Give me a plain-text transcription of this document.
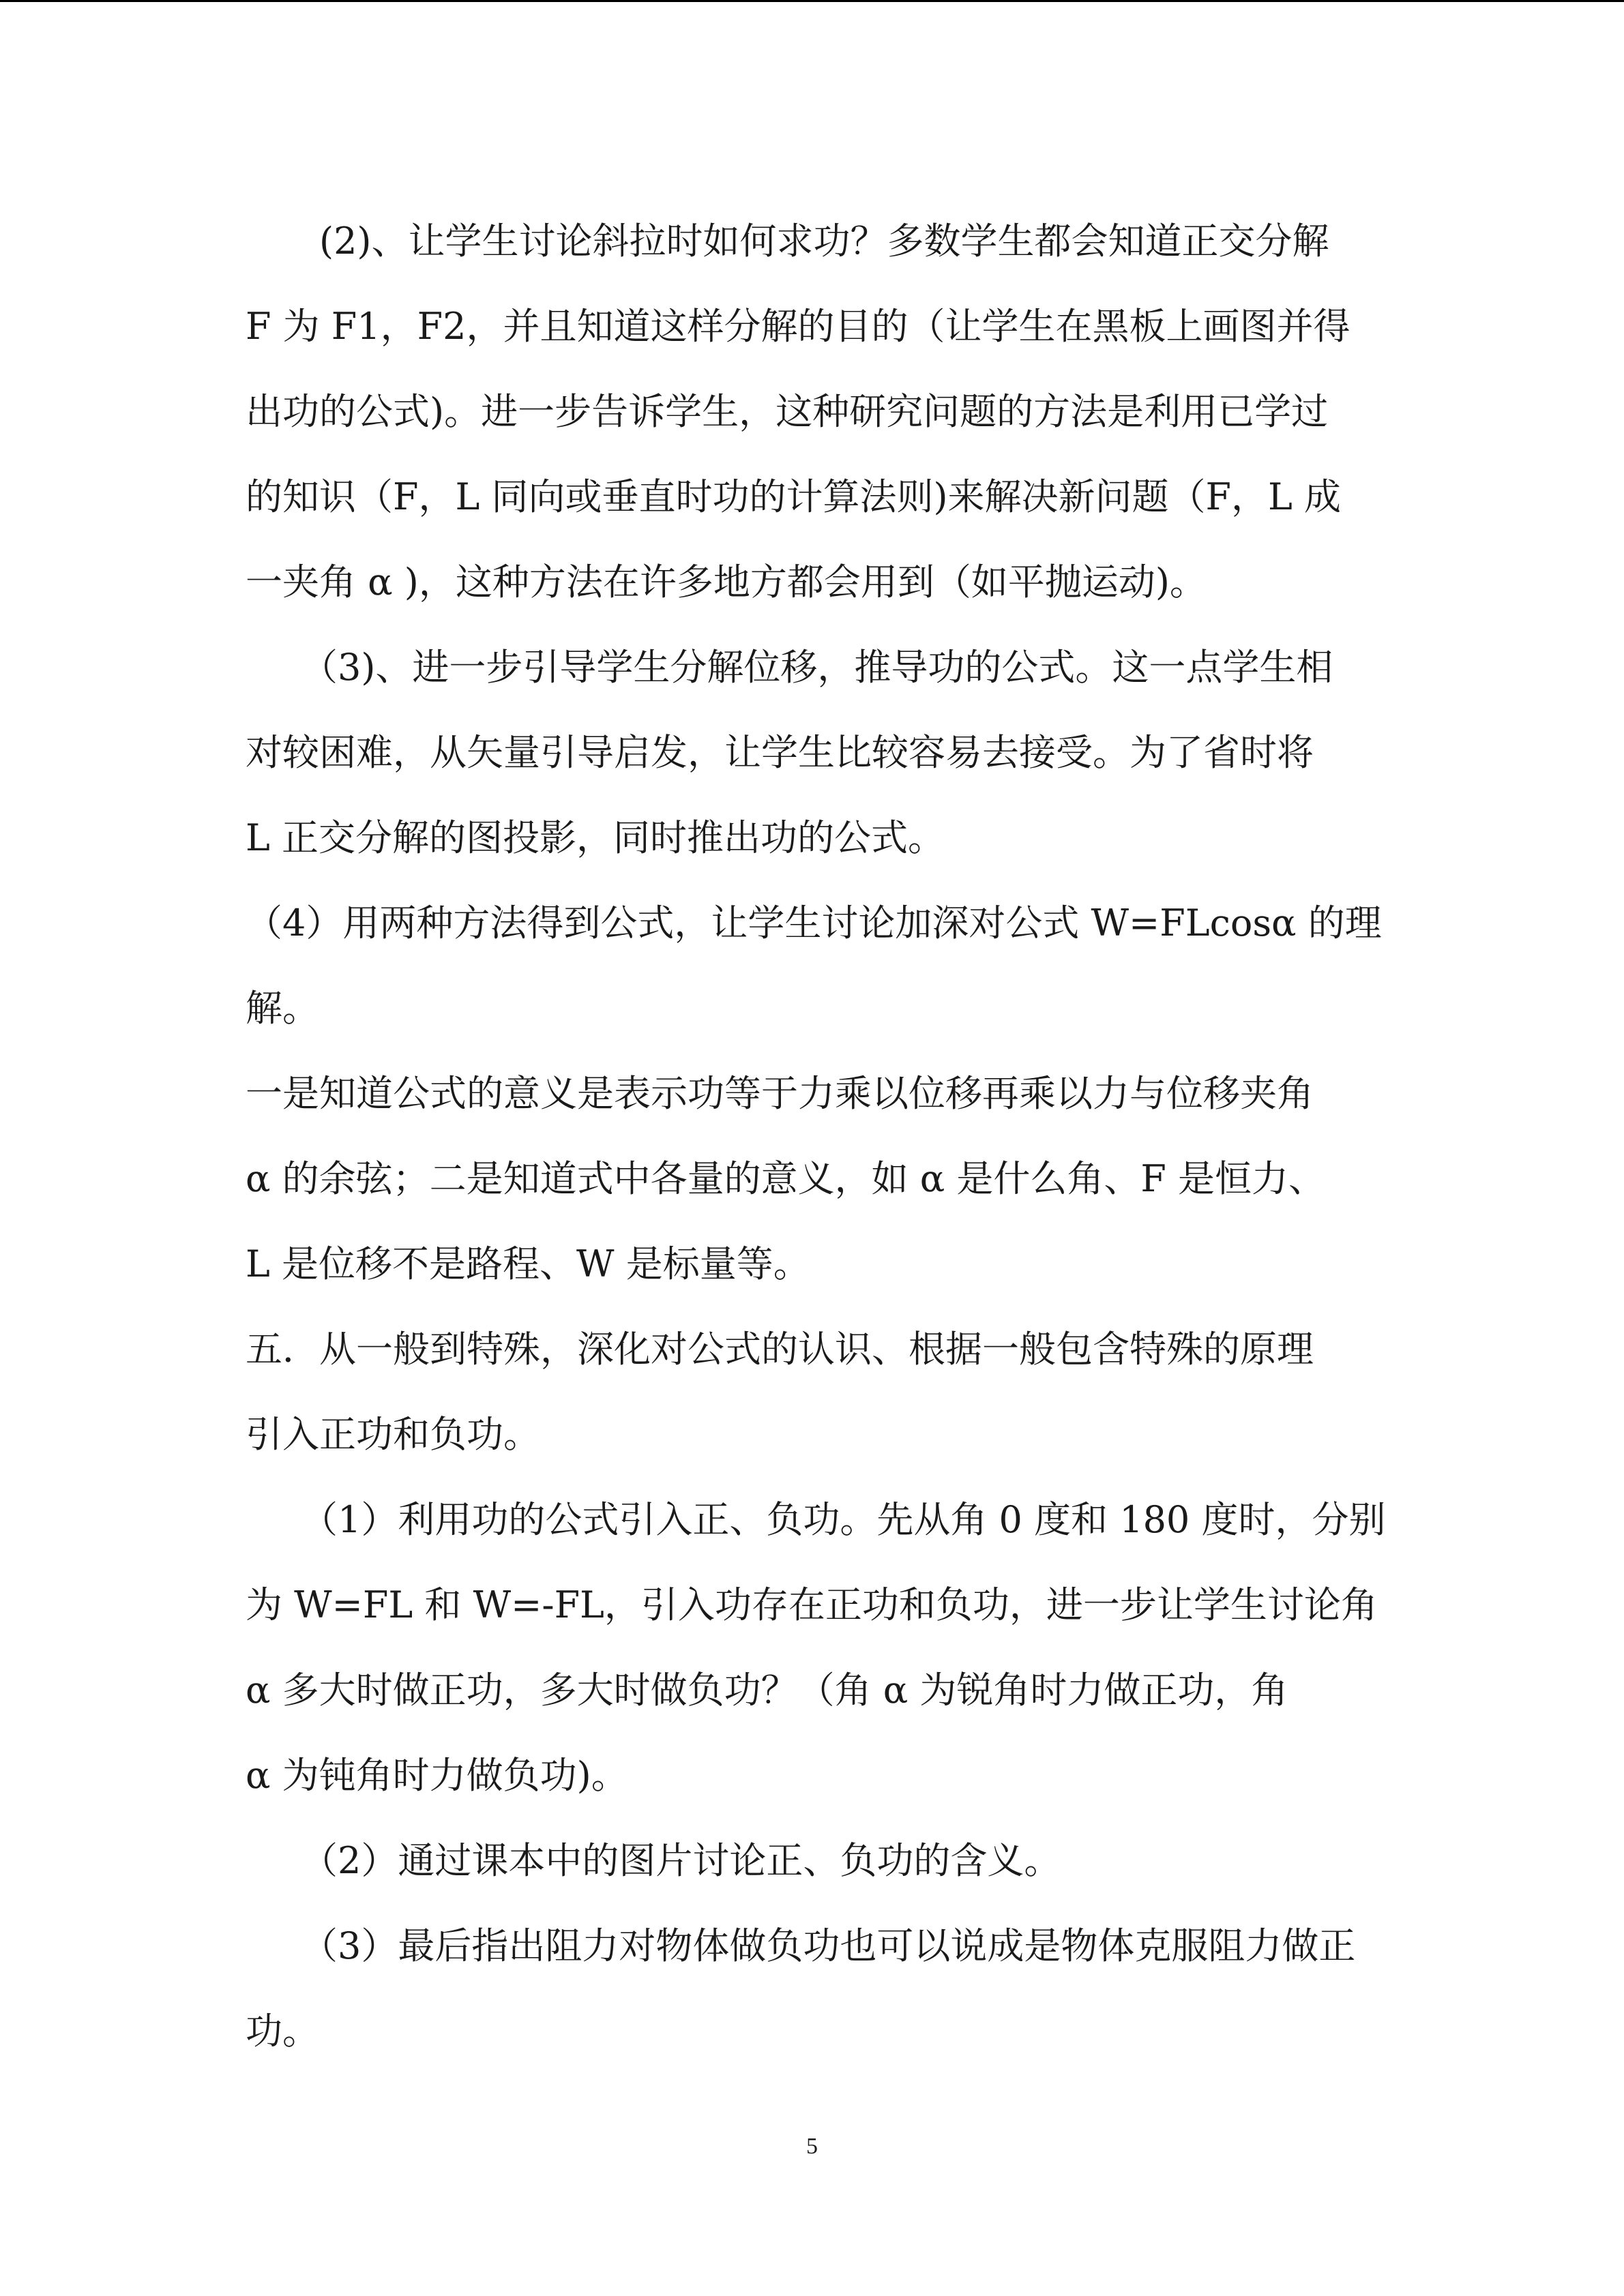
　　(2)、让学生讨论斜拉时如何求功？多数学生都会知道正交分解
F 为 F1，F2，并且知道这样分解的目的（让学生在黑板上画图并得
出功的公式)。进一步告诉学生，这种研究问题的方法是利用已学过
的知识（F，L 同向或垂直时功的计算法则)来解决新问题（F，L 成
一夹角 α )，这种方法在许多地方都会用到（如平抛运动)。
　　（3)、进一步引导学生分解位移，推导功的公式。这一点学生相
对较困难，从矢量引导启发，让学生比较容易去接受。为了省时将
L 正交分解的图投影，同时推出功的公式。
（4）用两种方法得到公式，让学生讨论加深对公式 W=FLcosα 的理
解。
一是知道公式的意义是表示功等于力乘以位移再乘以力与位移夹角
α 的余弦；二是知道式中各量的意义，如 α 是什么角、F 是恒力、
L 是位移不是路程、W 是标量等。
五．从一般到特殊，深化对公式的认识、根据一般包含特殊的原理
引入正功和负功。
　　（1）利用功的公式引入正、负功。先从角 0 度和 180 度时，分别
为 W=FL 和 W=-FL，引入功存在正功和负功，进一步让学生讨论角
α 多大时做正功，多大时做负功？（角 α 为锐角时力做正功，角
α 为钝角时力做负功)。
　　（2）通过课本中的图片讨论正、负功的含义。
　　（3）最后指出阻力对物体做负功也可以说成是物体克服阻力做正
功。
5
